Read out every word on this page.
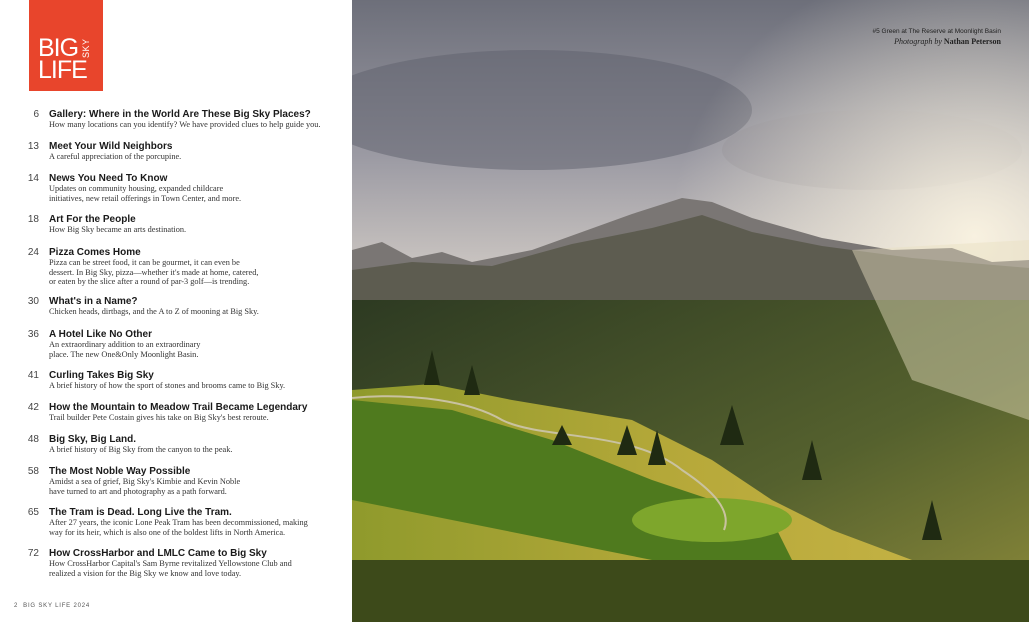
BIG
LIFE
SKY
6 Gallery: Where in the World Are These Big Sky Places?
How many locations can you identify? We have provided clues to help guide you.
13 Meet Your Wild Neighbors
A careful appreciation of the porcupine.
14 News You Need To Know
Updates on community housing, expanded childcare
initiatives, new retail offerings in Town Center, and more.
18 Art For the People
How Big Sky became an arts destination.
24 Pizza Comes Home
Pizza can be street food, it can be gourmet, it can even be
dessert. In Big Sky, pizza—whether it's made at home, catered,
or eaten by the slice after a round of par-3 golf—is trending.
30 What's in a Name?
Chicken heads, dirtbags, and the A to Z of mooning at Big Sky.
36 A Hotel Like No Other
An extraordinary addition to an extraordinary
place. The new One&Only Moonlight Basin.
41 Curling Takes Big Sky
A brief history of how the sport of stones and brooms came to Big Sky.
42 How the Mountain to Meadow Trail Became Legendary
Trail builder Pete Costain gives his take on Big Sky's best reroute.
48 Big Sky, Big Land.
A brief history of Big Sky from the canyon to the peak.
58 The Most Noble Way Possible
Amidst a sea of grief, Big Sky's Kimbie and Kevin Noble
have turned to art and photography as a path forward.
65 The Tram is Dead. Long Live the Tram.
After 27 years, the iconic Lone Peak Tram has been decommissioned, making
way for its heir, which is also one of the boldest lifts in North America.
72 How CrossHarbor and LMLC Came to Big Sky
How CrossHarbor Capital's Sam Byrne revitalized Yellowstone Club and
realized a vision for the Big Sky we know and love today.
2 BIG SKY LIFE 2024
#5 Green at The Reserve at Moonlight Basin
Photograph by Nathan Peterson
